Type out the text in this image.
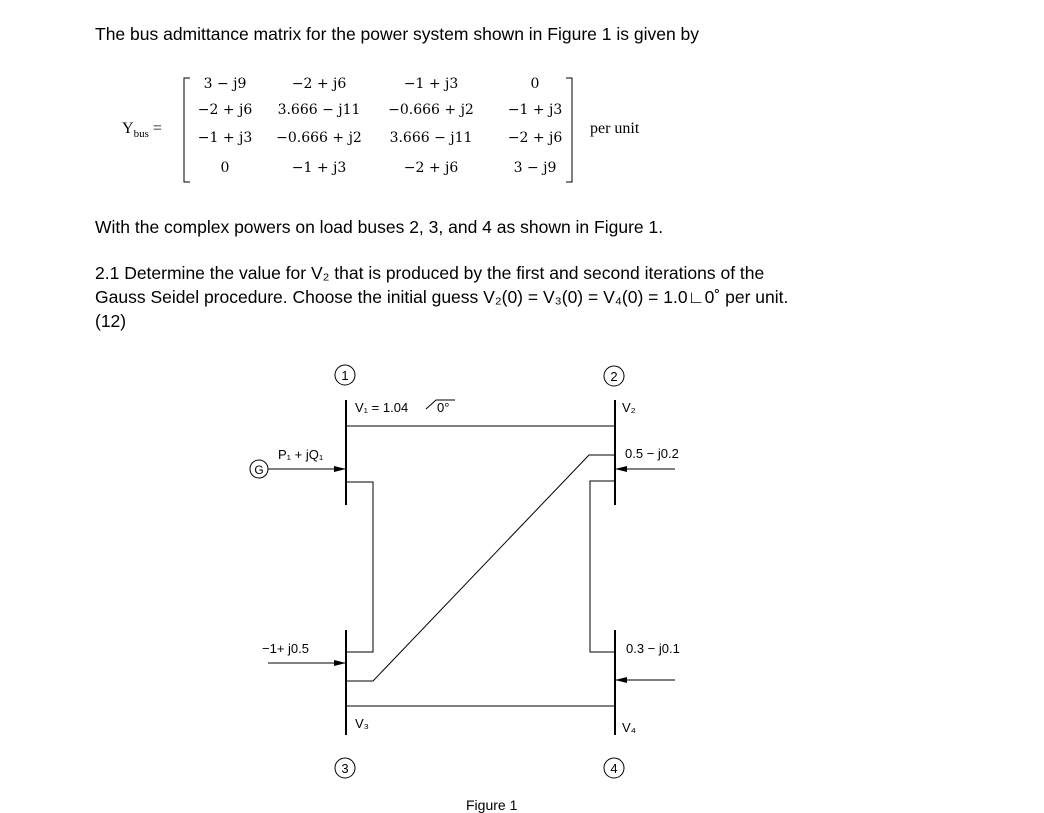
The bus admittance matrix for the power system shown in Figure 1 is given by
$Y_{bus}$ =
3 − j9	−2 + j6	−1 + j3	0
−2 + j6	3.666 − j11	−0.666 + j2	−1 + j3
−1 + j3	−0.666 + j2	3.666 − j11	−2 + j6
0	−1 + j3	−2 + j6	3 − j9
per unit
With the complex powers on load buses 2, 3, and 4 as shown in Figure 1.
2.1 Determine the value for V₂ that is produced by the first and second iterations of the
Gauss Seidel procedure. Choose the initial guess V₂(0) = V₃(0) = V₄(0) = 1.0∟0˚ per unit.
(12)
1	2
3	4
G
V₁ = 1.04 0°	V₂
V₃	V₄
P₁ + jQ₁	0.5 − j0.2
−1+ j0.5	0.3 − j0.1
Figure 1
